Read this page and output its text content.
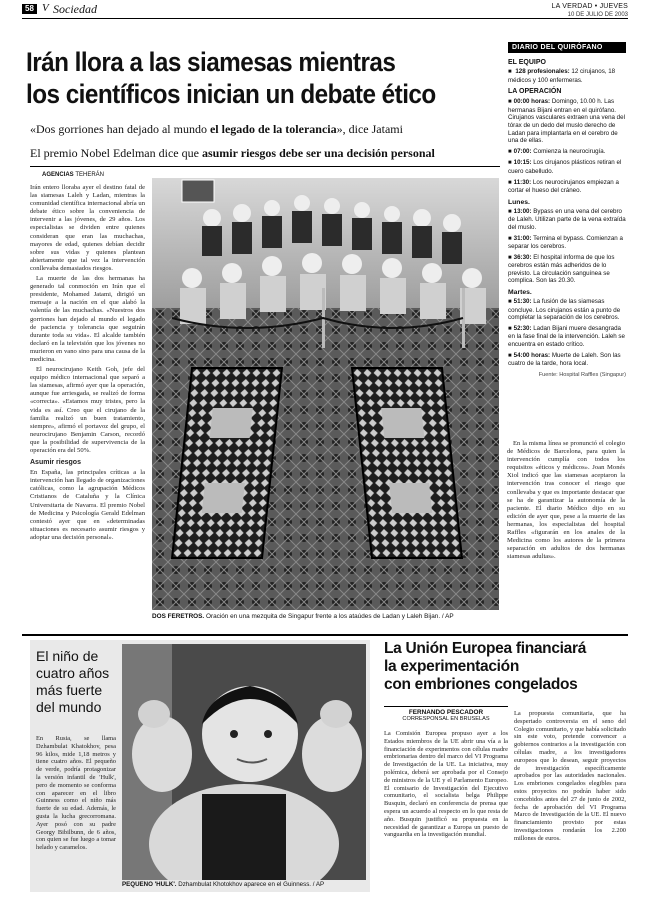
58 V Sociedad	LA VERDAD • JUEVES
10 DE JULIO DE 2003
Irán llora a las siamesas mientras
los científicos inician un debate ético
«Dos gorriones han dejado al mundo el legado de la tolerancia», dice Jatami
El premio Nobel Edelman dice que asumir riesgos debe ser una decisión personal
AGENCIAS TEHERÁN

Irán entero lloraba ayer el destino fatal de las siamesas Laleh y Ladan, mientras la comunidad científica internacional abría un debate ético sobre la conveniencia de intervenir a las jóvenes, de 29 años. Los especialistas se dividen entre quienes consideran que eran las muchachas, mayores de edad, quienes debían decidir sobre sus vidas y quienes plantean abiertamente que tal vez la intervención conllevaba demasiados riesgos.

La muerte de las dos hermanas ha generado tal conmoción en Irán que el presidente, Mohamed Jatami, dirigió un mensaje a la nación en el que alabó la valentía de las muchachas. «Nuestros dos gorriones han dejado al mundo el legado de paciencia y tolerancia que seguirán durante toda su vida». El alcalde también declaró en la televisión que los jóvenes no murieron en vano sino para una causa de la medicina.

El neurocirujano Keith Goh, jefe del equipo médico internacional que separó a las siamesas, afirmó ayer que la operación, aunque fue arriesgada, se realizó de forma «correcta». «Estamos muy tristes, pero la vida es así. Creo que el cirujano de la familia realizó un buen tratamiento, siempre», afirmó el portavoz del grupo, el neurocirujano Benjamin Carson, recordó que la posibilidad de supervivencia de la operación era del 50%.

Asumir riesgos

En España, las principales críticas a la intervención han llegado de organizaciones católicas, como la agrupación Médicos Cristianos de Cataluña y la Clínica Universitaria de Navarra. El premio Nobel de Medicina y Psicología Gerald Edelman contestó ayer que en «determinadas situaciones es necesario asumir riesgos y adoptar una decisión personal».

DOS FÉRETROS. Oración en una mezquita de Singapur frente a los ataúdes de Ladan y Laleh Bijan. / AP

En la misma línea se pronunció el colegio de Médicos de Barcelona, para quien la intervención cumplía con todos los requisitos «éticos y médicos». Joan Monés Xiol indicó que las siamesas aceptaron la intervención tras conocer el riesgo que conllevaba y que es importante destacar que se ha de garantizar la autonomía de la paciente. El diario Médico dijo en su edición de ayer que, pese a la muerte de las hermanas, los especialistas del hospital Raffles «figurarán en los anales de la Medicina como los autores de la primera separación en adultos de dos hermanas siamesas adultas».

DIARIO DEL QUIRÓFANO
EL EQUIPO
■ 128 profesionales: 12 cirujanos, 18 médicos y 100 enfermeras.
LA OPERACIÓN
■ 00:00 horas: Domingo, 10.00 h. Las hermanas Bijani entran en el quirófano. Cirujanos vasculares extraen una vena del tórax de un dedo del muslo derecho de Ladan para implantarla en el cerebro de una de ellas.
■ 07:00: Comienza la neurocirugía.
■ 10:15: Los cirujanos plásticos retiran el cuero cabelludo.
■ 11:30: Los neurocirujanos empiezan a cortar el hueso del cráneo.
Lunes.
■ 13:00: Bypass en una vena del cerebro de Laleh. Utilizan parte de la vena extraída del muslo.
■ 31:00: Termina el bypass. Comienzan a separar los cerebros.
■ 36:30: El hospital informa de que los cerebros están más adheridos de lo previsto. La circulación sanguínea se complica. Son las 20.30.
Martes.
■ 51:30: La fusión de las siamesas concluye. Los cirujanos están a punto de completar la separación de los cerebros.
■ 52:30: Ladan Bijani muere desangrada en la fase final de la intervención. Laleh se encuentra en estado crítico.
■ 54:00 horas: Muerte de Laleh. Son las cuatro de la tarde, hora local.
Fuente: Hospital Raffles (Singapur)
El niño de cuatro años más fuerte del mundo
En Rusia, se llama Dzhambulat Khatokhov, pesa 96 kilos, mide 1,18 metros y tiene cuatro años. El pequeño de verde, podría protagonizar la versión infantil de 'Hulk', pero de momento se conforma con aparecer en el libro Guinness como el niño más fuerte de su edad. Además, le gusta la lucha grecorromana. Ayer posó con su padre Georgy Bibilbunn, de 6 años, con quien se fue luego a tomar helado y caramelos.
PEQUEÑO 'HULK'. Dzhambulat Khotokhov aparece en el Guinness. / AP
La Unión Europea financiará
la experimentación
con embriones congelados
FERNANDO PESCADOR
CORRESPONSAL EN BRUSELAS
La Comisión Europea propuso ayer a los Estados miembros de la UE abrir una vía a la financiación de experimentos con células madre embrionarias dentro del marco del VI Programa de Investigación de la UE. La iniciativa, muy polémica, deberá ser aprobada por el Consejo de ministros de la UE y el Parlamento Europeo. El comisario de Investigación del Ejecutivo comunitario, el socialista belga Philippe Busquin, declaró en conferencia de prensa que espera un acuerdo al respecto en lo que resta de año. Busquin justificó su propuesta en la necesidad de garantizar a Europa un puesto de vanguardia en la investigación mundial.
La propuesta comunitaria, que ha despertado controversia en el seno del Colegio comunitario, y que había solicitado sin este voto, pretende convencer a gobiernos contrarios a la investigación con células madre, a los investigadores europeos que lo desean, seguir proyectos de investigación específicamente aprobados por las autoridades nacionales. Los embriones congelados elegibles para estos proyectos no podrán haber sido concebidos antes del 27 de junio de 2002, fecha de aprobación del VI Programa Marco de Investigación de la UE. El nuevo financiamiento provisto por estas investigaciones rondarán los 2.200 millones de euros.
